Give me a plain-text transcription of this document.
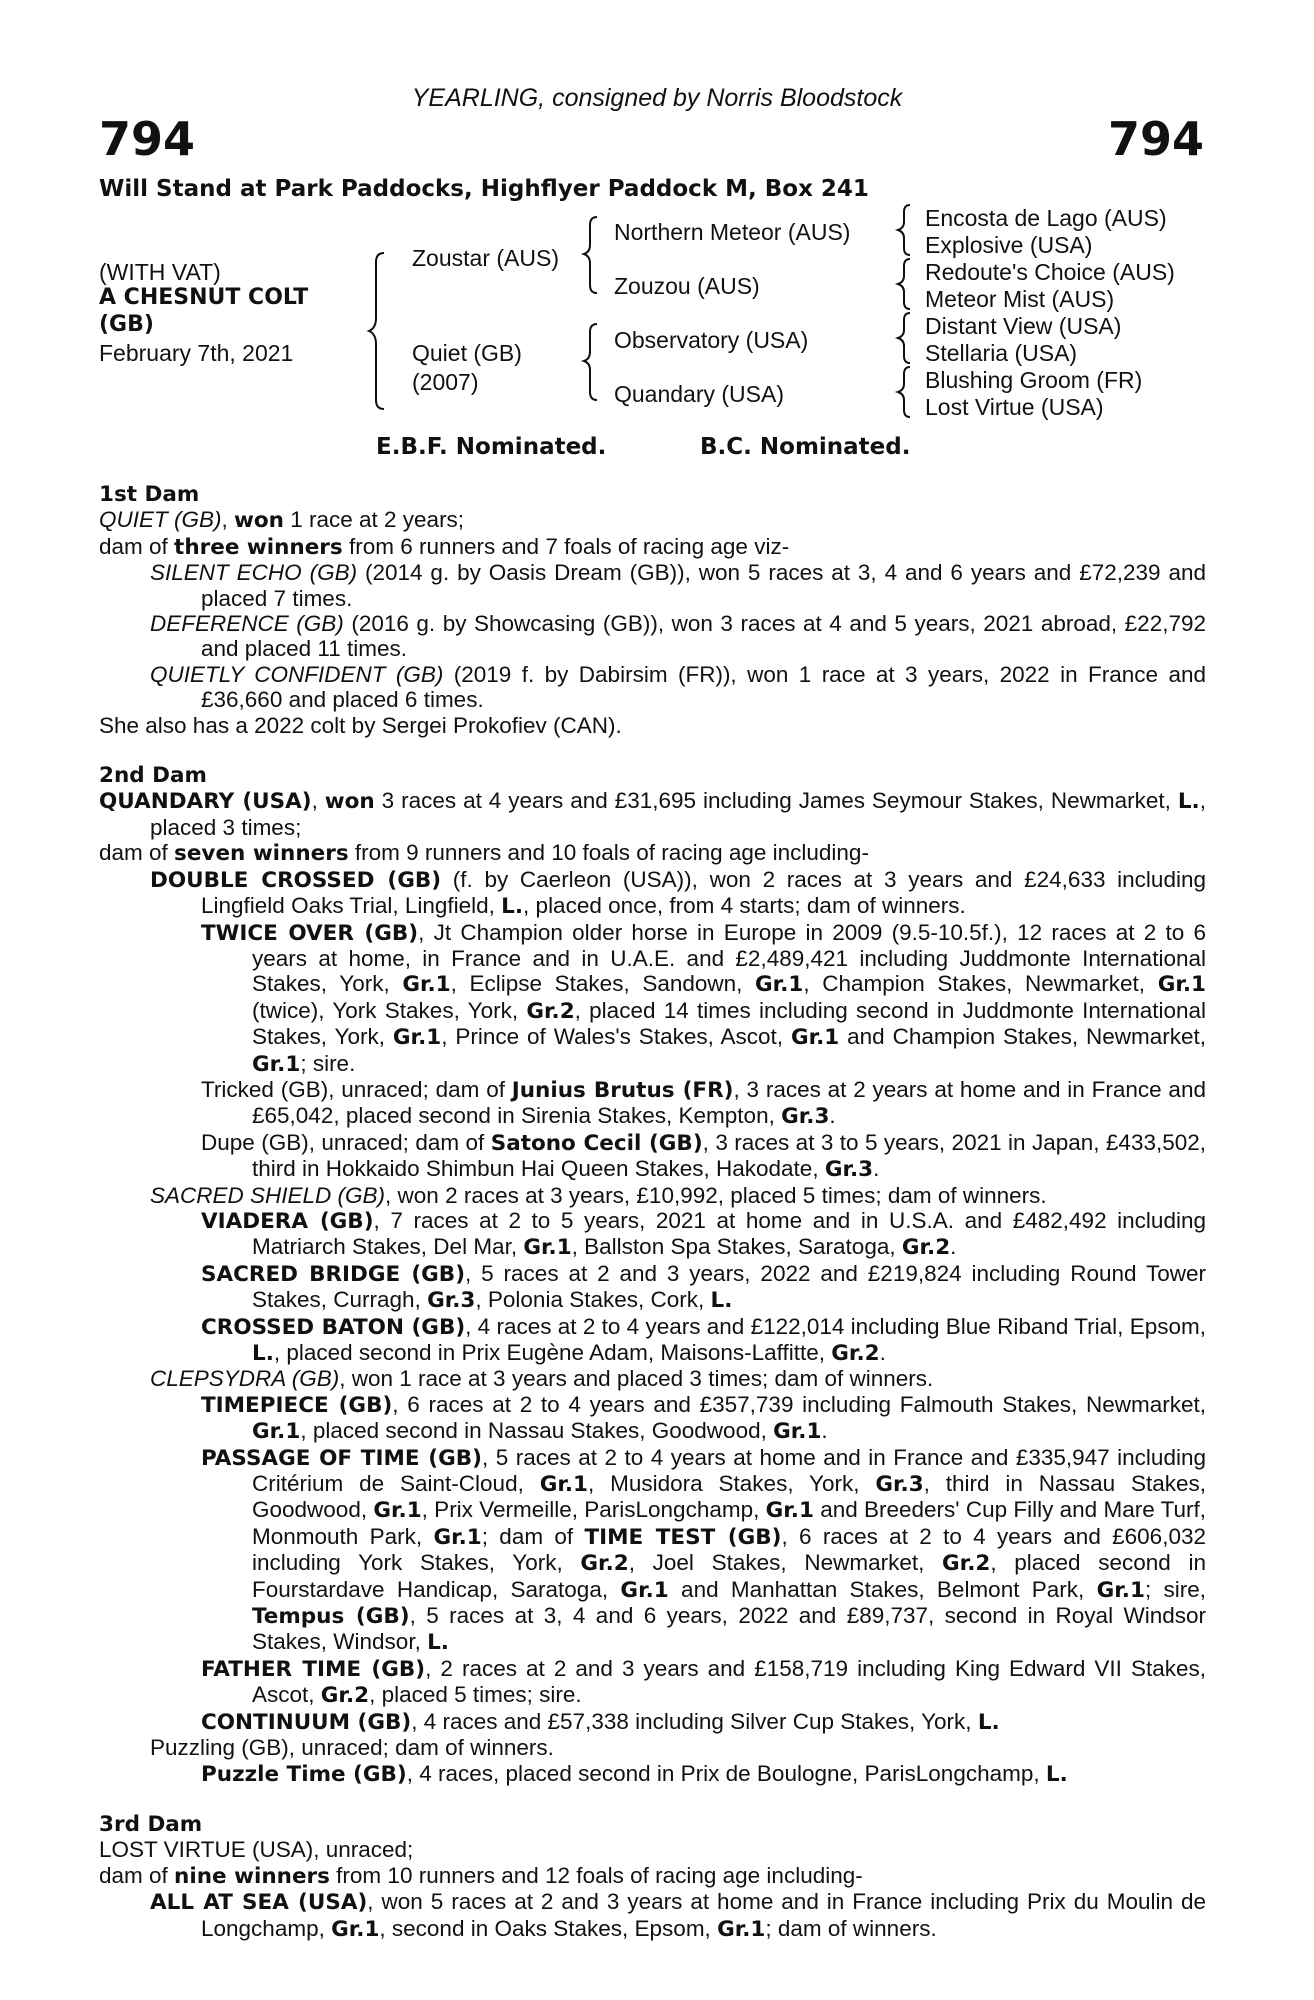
YEARLING, consigned by Norris Bloodstock
794	794
Will Stand at Park Paddocks, Highflyer Paddock M, Box 241
(WITH VAT)
A CHESNUT COLT
(GB)
February 7th, 2021
Zoustar (AUS)
Quiet (GB)
(2007)
Northern Meteor (AUS)
Zouzou (AUS)
Observatory (USA)
Quandary (USA)
Encosta de Lago (AUS)
Explosive (USA)
Redoute's Choice (AUS)
Meteor Mist (AUS)
Distant View (USA)
Stellaria (USA)
Blushing Groom (FR)
Lost Virtue (USA)
E.B.F. Nominated.	B.C. Nominated.

1st Dam

QUIET (GB), won 1 race at 2 years;

dam of three winners from 6 runners and 7 foals of racing age viz-

SILENT ECHO (GB) (2014 g. by Oasis Dream (GB)), won 5 races at 3, 4 and 6 years and £72,239 and placed 7 times.

DEFERENCE (GB) (2016 g. by Showcasing (GB)), won 3 races at 4 and 5 years, 2021 abroad, £22,792 and placed 11 times.

QUIETLY CONFIDENT (GB) (2019 f. by Dabirsim (FR)), won 1 race at 3 years, 2022 in France and £36,660 and placed 6 times.

She also has a 2022 colt by Sergei Prokofiev (CAN).

2nd Dam

QUANDARY (USA), won 3 races at 4 years and £31,695 including James Seymour Stakes, Newmarket, L., placed 3 times;

dam of seven winners from 9 runners and 10 foals of racing age including-

DOUBLE CROSSED (GB) (f. by Caerleon (USA)), won 2 races at 3 years and £24,633 including Lingfield Oaks Trial, Lingfield, L., placed once, from 4 starts; dam of winners.

TWICE OVER (GB), Jt Champion older horse in Europe in 2009 (9.5-10.5f.), 12 races at 2 to 6 years at home, in France and in U.A.E. and £2,489,421 including Juddmonte International Stakes, York, Gr.1, Eclipse Stakes, Sandown, Gr.1, Champion Stakes, Newmarket, Gr.1 (twice), York Stakes, York, Gr.2, placed 14 times including second in Juddmonte International Stakes, York, Gr.1, Prince of Wales's Stakes, Ascot, Gr.1 and Champion Stakes, Newmarket, Gr.1; sire.

Tricked (GB), unraced; dam of Junius Brutus (FR), 3 races at 2 years at home and in France and £65,042, placed second in Sirenia Stakes, Kempton, Gr.3.

Dupe (GB), unraced; dam of Satono Cecil (GB), 3 races at 3 to 5 years, 2021 in Japan, £433,502, third in Hokkaido Shimbun Hai Queen Stakes, Hakodate, Gr.3.

SACRED SHIELD (GB), won 2 races at 3 years, £10,992, placed 5 times; dam of winners.

VIADERA (GB), 7 races at 2 to 5 years, 2021 at home and in U.S.A. and £482,492 including Matriarch Stakes, Del Mar, Gr.1, Ballston Spa Stakes, Saratoga, Gr.2.

SACRED BRIDGE (GB), 5 races at 2 and 3 years, 2022 and £219,824 including Round Tower Stakes, Curragh, Gr.3, Polonia Stakes, Cork, L.

CROSSED BATON (GB), 4 races at 2 to 4 years and £122,014 including Blue Riband Trial, Epsom, L., placed second in Prix Eugène Adam, Maisons-Laffitte, Gr.2.

CLEPSYDRA (GB), won 1 race at 3 years and placed 3 times; dam of winners.

TIMEPIECE (GB), 6 races at 2 to 4 years and £357,739 including Falmouth Stakes, Newmarket, Gr.1, placed second in Nassau Stakes, Goodwood, Gr.1.

PASSAGE OF TIME (GB), 5 races at 2 to 4 years at home and in France and £335,947 including Critérium de Saint-Cloud, Gr.1, Musidora Stakes, York, Gr.3, third in Nassau Stakes, Goodwood, Gr.1, Prix Vermeille, ParisLongchamp, Gr.1 and Breeders' Cup Filly and Mare Turf, Monmouth Park, Gr.1; dam of TIME TEST (GB), 6 races at 2 to 4 years and £606,032 including York Stakes, York, Gr.2, Joel Stakes, Newmarket, Gr.2, placed second in Fourstardave Handicap, Saratoga, Gr.1 and Manhattan Stakes, Belmont Park, Gr.1; sire, Tempus (GB), 5 races at 3, 4 and 6 years, 2022 and £89,737, second in Royal Windsor Stakes, Windsor, L.

FATHER TIME (GB), 2 races at 2 and 3 years and £158,719 including King Edward VII Stakes, Ascot, Gr.2, placed 5 times; sire.

CONTINUUM (GB), 4 races and £57,338 including Silver Cup Stakes, York, L.

Puzzling (GB), unraced; dam of winners.

Puzzle Time (GB), 4 races, placed second in Prix de Boulogne, ParisLongchamp, L.

3rd Dam

LOST VIRTUE (USA), unraced;

dam of nine winners from 10 runners and 12 foals of racing age including-

ALL AT SEA (USA), won 5 races at 2 and 3 years at home and in France including Prix du Moulin de Longchamp, Gr.1, second in Oaks Stakes, Epsom, Gr.1; dam of winners.
